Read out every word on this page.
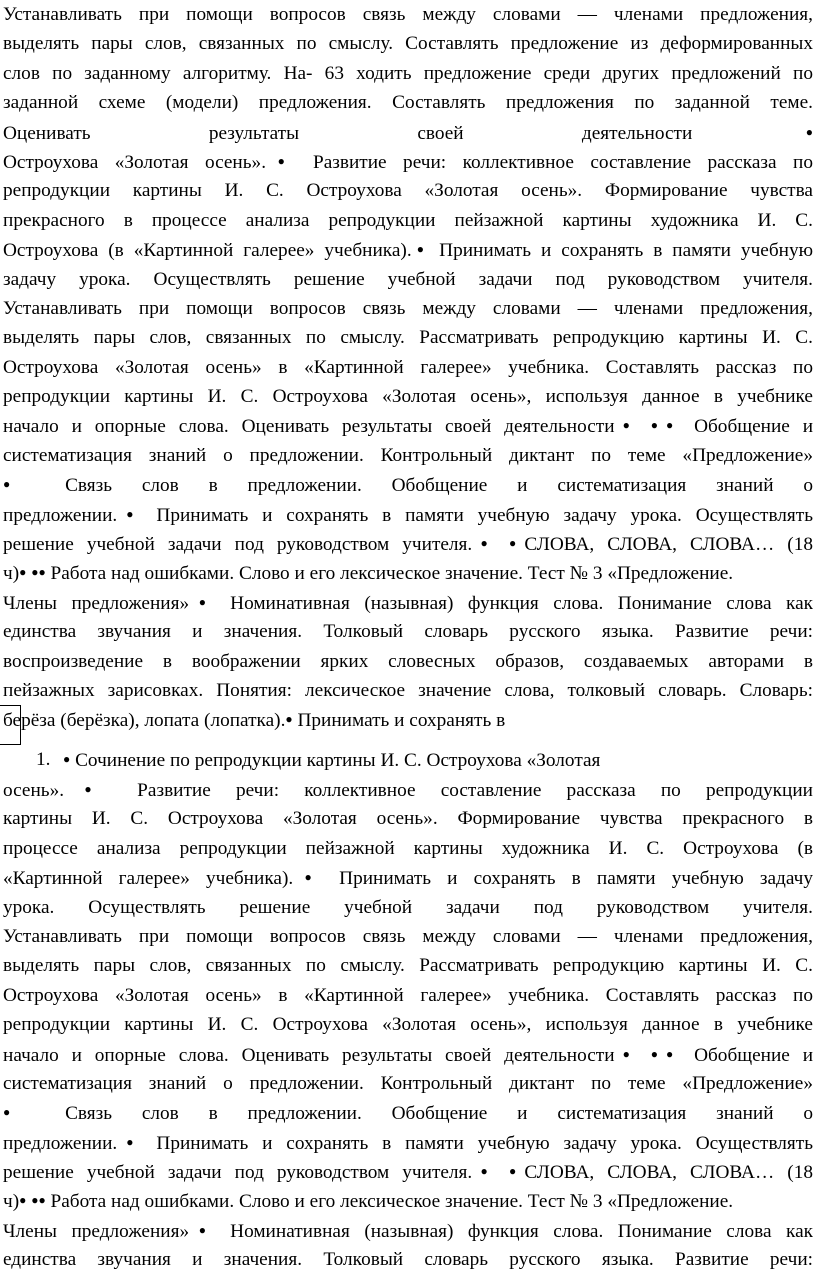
Устанавливать при помощи вопросов связь между словами — членами предложения,
выделять пары слов, связанных по смыслу. Составлять предложение из деформированных
слов по заданному алгоритму. На- 63 ходить предложение среди других предложений по
заданной схеме (модели) предложения. Составлять предложения по заданной теме.
Оценивать результаты своей деятельности●
Остроухова «Золотая осень».● Развитие речи: коллективное составление рассказа по
репродукции картины И. С. Остроухова «Золотая осень». Формирование чувства
прекрасного в процессе анализа репродукции пейзажной картины художника И. С.
Остроухова (в «Картинной галерее» учебника).● Принимать и сохранять в памяти учебную
задачу урока. Осуществлять решение учебной задачи под руководством учителя.
Устанавливать при помощи вопросов связь между словами — членами предложения,
выделять пары слов, связанных по смыслу. Рассматривать репродукцию картины И. С.
Остроухова «Золотая осень» в «Картинной галерее» учебника. Составлять рассказ по
репродукции картины И. С. Остроухова «Золотая осень», используя данное в учебнике
начало и опорные слова. Оценивать результаты своей деятельности● ●● Обобщение и
систематизация знаний о предложении. Контрольный диктант по теме «Предложение»
● Связь слов в предложении. Обобщение и систематизация знаний о
предложении.● Принимать и сохранять в памяти учебную задачу урока. Осуществлять
решение учебной задачи под руководством учителя.● ●СЛОВА, СЛОВА, СЛОВА… (18
ч)● ●● Работа над ошибками. Слово и его лексическое значение. Тест № 3 «Предложение.
Члены предложения»● Номинативная (назывная) функция слова. Понимание слова как
единства звучания и значения. Толковый словарь русского языка. Развитие речи:
воспроизведение в воображении ярких словесных образов, создаваемых авторами в
пейзажных зарисовках. Понятия: лексическое значение слова, толковый словарь. Словарь:
берёза (берёзка), лопата (лопатка).● Принимать и сохранять в
1. ● Сочинение по репродукции картины И. С. Остроухова «Золотая
осень».● Развитие речи: коллективное составление рассказа по репродукции
картины И. С. Остроухова «Золотая осень». Формирование чувства прекрасного в
процессе анализа репродукции пейзажной картины художника И. С. Остроухова (в
«Картинной галерее» учебника).● Принимать и сохранять в памяти учебную задачу
урока. Осуществлять решение учебной задачи под руководством учителя.
Устанавливать при помощи вопросов связь между словами — членами предложения,
выделять пары слов, связанных по смыслу. Рассматривать репродукцию картины И. С.
Остроухова «Золотая осень» в «Картинной галерее» учебника. Составлять рассказ по
репродукции картины И. С. Остроухова «Золотая осень», используя данное в учебнике
начало и опорные слова. Оценивать результаты своей деятельности● ●● Обобщение и
систематизация знаний о предложении. Контрольный диктант по теме «Предложение»
● Связь слов в предложении. Обобщение и систематизация знаний о
предложении.● Принимать и сохранять в памяти учебную задачу урока. Осуществлять
решение учебной задачи под руководством учителя.● ●СЛОВА, СЛОВА, СЛОВА… (18
ч)● ●● Работа над ошибками. Слово и его лексическое значение. Тест № 3 «Предложение.
Члены предложения»● Номинативная (назывная) функция слова. Понимание слова как
единства звучания и значения. Толковый словарь русского языка. Развитие речи:
